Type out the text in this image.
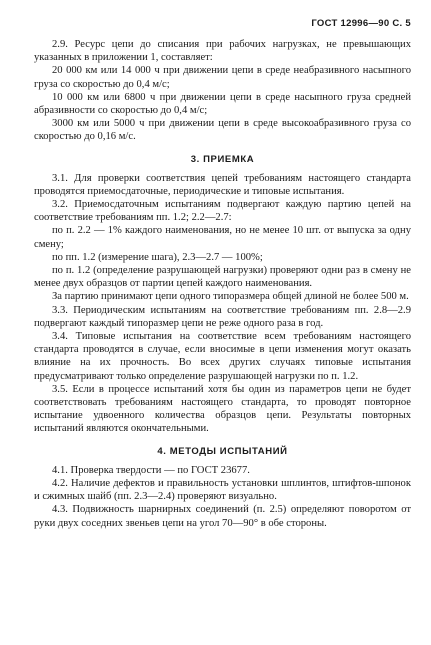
ГОСТ 12996—90 С. 5

2.9. Ресурс цепи до списания при рабочих нагрузках, не превышающих указанных в приложении 1, составляет:

20 000 км или 14 000 ч при движении цепи в среде неабразивного насыпного груза со скоростью до 0,4 м/с;

10 000 км или 6800 ч при движении цепи в среде насыпного груза средней абразивности со скоростью до 0,4 м/с;

3000 км или 5000 ч при движении цепи в среде высокоабразивного груза со скоростью до 0,16 м/с.

3. ПРИЕМКА

3.1. Для проверки соответствия цепей требованиям настоящего стандарта проводятся приемосдаточные, периодические и типовые испытания.

3.2. Приемосдаточным испытаниям подвергают каждую партию цепей на соответствие требованиям пп. 1.2; 2.2—2.7:

по п. 2.2 — 1% каждого наименования, но не менее 10 шт. от выпуска за одну смену;

по пп. 1.2 (измерение шага), 2.3—2.7 — 100%;

по п. 1.2 (определение разрушающей нагрузки) проверяют одни раз в смену не менее двух образцов от партии цепей каждого наименования.

За партию принимают цепи одного типоразмера общей длиной не более 500 м.

3.3. Периодическим испытаниям на соответствие требованиям пп. 2.8—2.9 подвергают каждый типоразмер цепи не реже одного раза в год.

3.4. Типовые испытания на соответствие всем требованиям настоящего стандарта проводятся в случае, если вносимые в цепи изменения могут оказать влияние на их прочность. Во всех других случаях типовые испытания предусматривают только определение разрушающей нагрузки по п. 1.2.

3.5. Если в процессе испытаний хотя бы один из параметров цепи не будет соответствовать требованиям настоящего стандарта, то проводят повторное испытание удвоенного количества образцов цепи. Результаты повторных испытаний являются окончательными.

4. МЕТОДЫ ИСПЫТАНИЙ

4.1. Проверка твердости — по ГОСТ 23677.

4.2. Наличие дефектов и правильность установки шплинтов, штифтов-шпонок и сжимных шайб (пп. 2.3—2.4) проверяют визуально.

4.3. Подвижность шарнирных соединений (п. 2.5) определяют поворотом от руки двух соседних звеньев цепи на угол 70—90° в обе стороны.
